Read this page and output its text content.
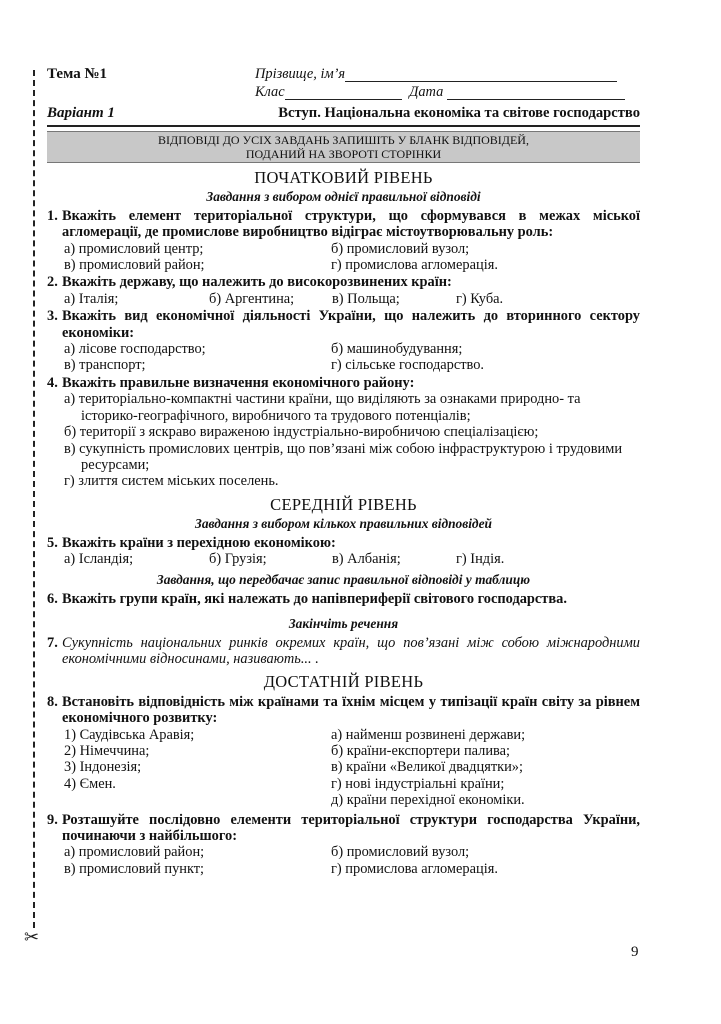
✂
Тема №1	Прізвище, ім’я
Клас	Дата
Варіант 1	Вступ. Національна економіка та світове господарство
ВІДПОВІДІ ДО УСІХ ЗАВДАНЬ ЗАПИШІТЬ У БЛАНК ВІДПОВІДЕЙ,
ПОДАНИЙ НА ЗВОРОТІ СТОРІНКИ
ПОЧАТКОВИЙ РІВЕНЬ
Завдання з вибором однієї правильної відповіді
1. Вкажіть елемент територіальної структури, що сформувався в межах міської агломерації, де промислове виробництво відіграє містоутворювальну роль:
а) промисловий центр;	б) промисловий вузол;
в) промисловий район;	г) промислова агломерація.
2. Вкажіть державу, що належить до високорозвинених країн:
а) Італія;	б) Аргентина;	в) Польща;	г) Куба.
3. Вкажіть вид економічної діяльності України, що належить до вторинного сектору економіки:
а) лісове господарство;	б) машинобудування;
в) транспорт;	г) сільське господарство.
4. Вкажіть правильне визначення економічного району:
а) територіально-компактні частини країни, що виділяють за ознаками природно- та історико-географічного, виробничого та трудового потенціалів;
б) території з яскраво вираженою індустріально-виробничою спеціалізацією;
в) сукупність промислових центрів, що пов’язані між собою інфраструктурою і трудовими ресурсами;
г) злиття систем міських поселень.
СЕРЕДНІЙ РІВЕНЬ
Завдання з вибором кількох правильних відповідей
5. Вкажіть країни з перехідною економікою:
а) Ісландія;	б) Грузія;	в) Албанія;	г) Індія.
Завдання, що передбачає запис правильної відповіді у таблицю
6. Вкажіть групи країн, які належать до напівпериферії світового господарства.
Закінчіть речення
7. Сукупність національних ринків окремих країн, що пов’язані між собою міжнародними економічними відносинами, називають... .
ДОСТАТНІЙ РІВЕНЬ
8. Встановіть відповідність між країнами та їхнім місцем у типізації країн світу за рівнем економічного розвитку:
1) Саудівська Аравія;	а) найменш розвинені держави;
2) Німеччина;	б) країни-експортери палива;
3) Індонезія;	в) країни «Великої двадцятки»;
4) Ємен.	г) нові індустріальні країни;
д) країни перехідної економіки.
9. Розташуйте послідовно елементи територіальної структури господарства України, починаючи з найбільшого:
а) промисловий район;	б) промисловий вузол;
в) промисловий пункт;	г) промислова агломерація.
9
